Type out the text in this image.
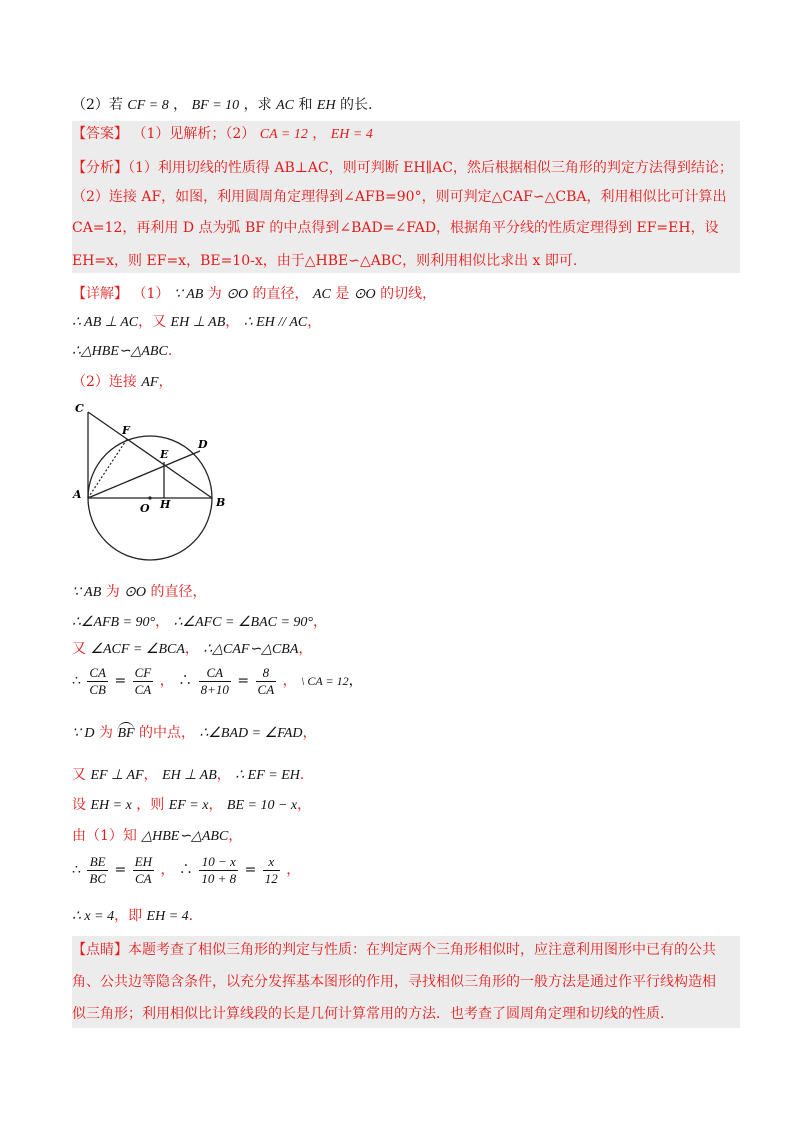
（2）若 CF = 8 ， BF = 10 ，求 AC 和 EH 的长.
【答案】 （1）见解析；（2） CA = 12 ， EH = 4
【分析】（1）利用切线的性质得 AB⊥AC，则可判断 EH∥AC，然后根据相似三角形的判定方法得到结论；
（2）连接 AF，如图，利用圆周角定理得到∠AFB=90°，则可判定△CAF∽△CBA，利用相似比可计算出
CA=12，再利用 D 点为弧 BF 的中点得到∠BAD=∠FAD，根据角平分线的性质定理得到 EF=EH，设
EH=x，则 EF=x，BE=10-x，由于△HBE∽△ABC，则利用相似比求出 x 即可.
【详解】 （1） ∵ AB 为 ⊙O 的直径， AC 是 ⊙O 的切线，
∴ AB ⊥ AC，又 EH ⊥ AB， ∴ EH // AC，
∴△HBE∽△ABC.
（2）连接 AF，
C
F
E
D
A
B
O H
∵ AB 为 ⊙O 的直径，
∴∠AFB = 90°， ∴∠AFC = ∠BAC = 90°，
又 ∠ACF = ∠BCA， ∴△CAF∽△CBA，
∴ $\frac{CA}{CB} = \frac{CF}{CA}$ ， ∴ $\frac{CA}{8+10} = \frac{8}{CA}$ ， \ CA = 12，
∵ D 为 BF 的中点， ∴∠BAD = ∠FAD，
又 EF ⊥ AF， EH ⊥ AB， ∴ EF = EH.
设 EH = x ，则 EF = x， BE = 10 − x，
由（1）知 △HBE∽△ABC，
∴ $\frac{BE}{BC} = \frac{EH}{CA}$ ， ∴ $\frac{10 - x}{10 + 8} = \frac{x}{12}$ ，
∴ x = 4，即 EH = 4.
【点睛】本题考查了相似三角形的判定与性质：在判定两个三角形相似时，应注意利用图形中已有的公共
角、公共边等隐含条件，以充分发挥基本图形的作用，寻找相似三角形的一般方法是通过作平行线构造相
似三角形；利用相似比计算线段的长是几何计算常用的方法．也考查了圆周角定理和切线的性质.
